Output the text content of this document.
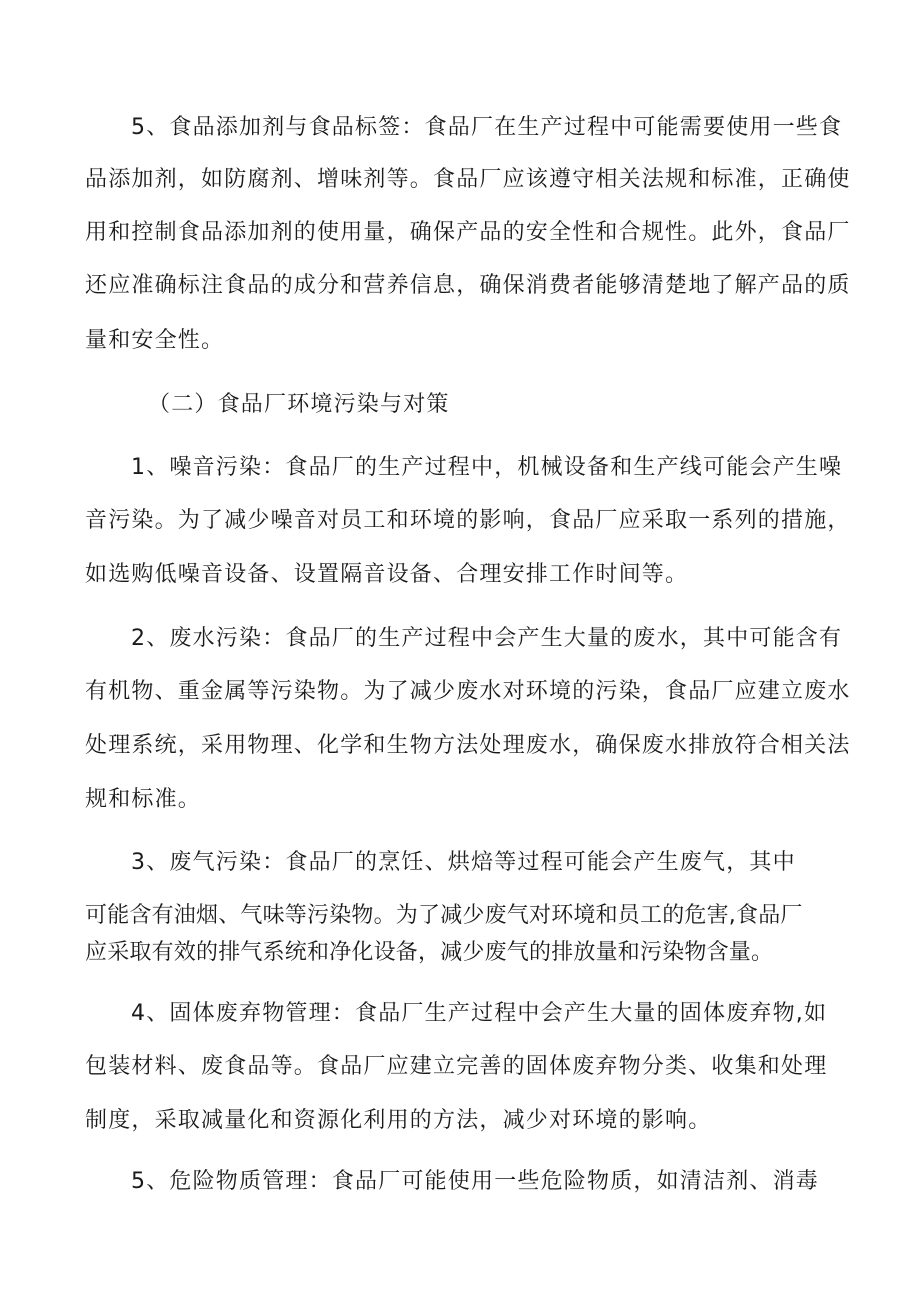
5、食品添加剂与食品标签：食品厂在生产过程中可能需要使用一些食
品添加剂，如防腐剂、增味剂等。食品厂应该遵守相关法规和标准，正确使
用和控制食品添加剂的使用量，确保产品的安全性和合规性。此外，食品厂
还应准确标注食品的成分和营养信息，确保消费者能够清楚地了解产品的质
量和安全性。
（二）食品厂环境污染与对策
1、噪音污染：食品厂的生产过程中，机械设备和生产线可能会产生噪
音污染。为了减少噪音对员工和环境的影响，食品厂应采取一系列的措施，
如选购低噪音设备、设置隔音设备、合理安排工作时间等。
2、废水污染：食品厂的生产过程中会产生大量的废水，其中可能含有
有机物、重金属等污染物。为了减少废水对环境的污染，食品厂应建立废水
处理系统，采用物理、化学和生物方法处理废水，确保废水排放符合相关法
规和标准。
3、废气污染：食品厂的烹饪、烘焙等过程可能会产生废气，其中
可能含有油烟、气味等污染物。为了减少废气对环境和员工的危害,食品厂
应采取有效的排气系统和净化设备，减少废气的排放量和污染物含量。
4、固体废弃物管理：食品厂生产过程中会产生大量的固体废弃物,如
包装材料、废食品等。食品厂应建立完善的固体废弃物分类、收集和处理
制度，采取减量化和资源化利用的方法，减少对环境的影响。
5、危险物质管理：食品厂可能使用一些危险物质，如清洁剂、消毒
